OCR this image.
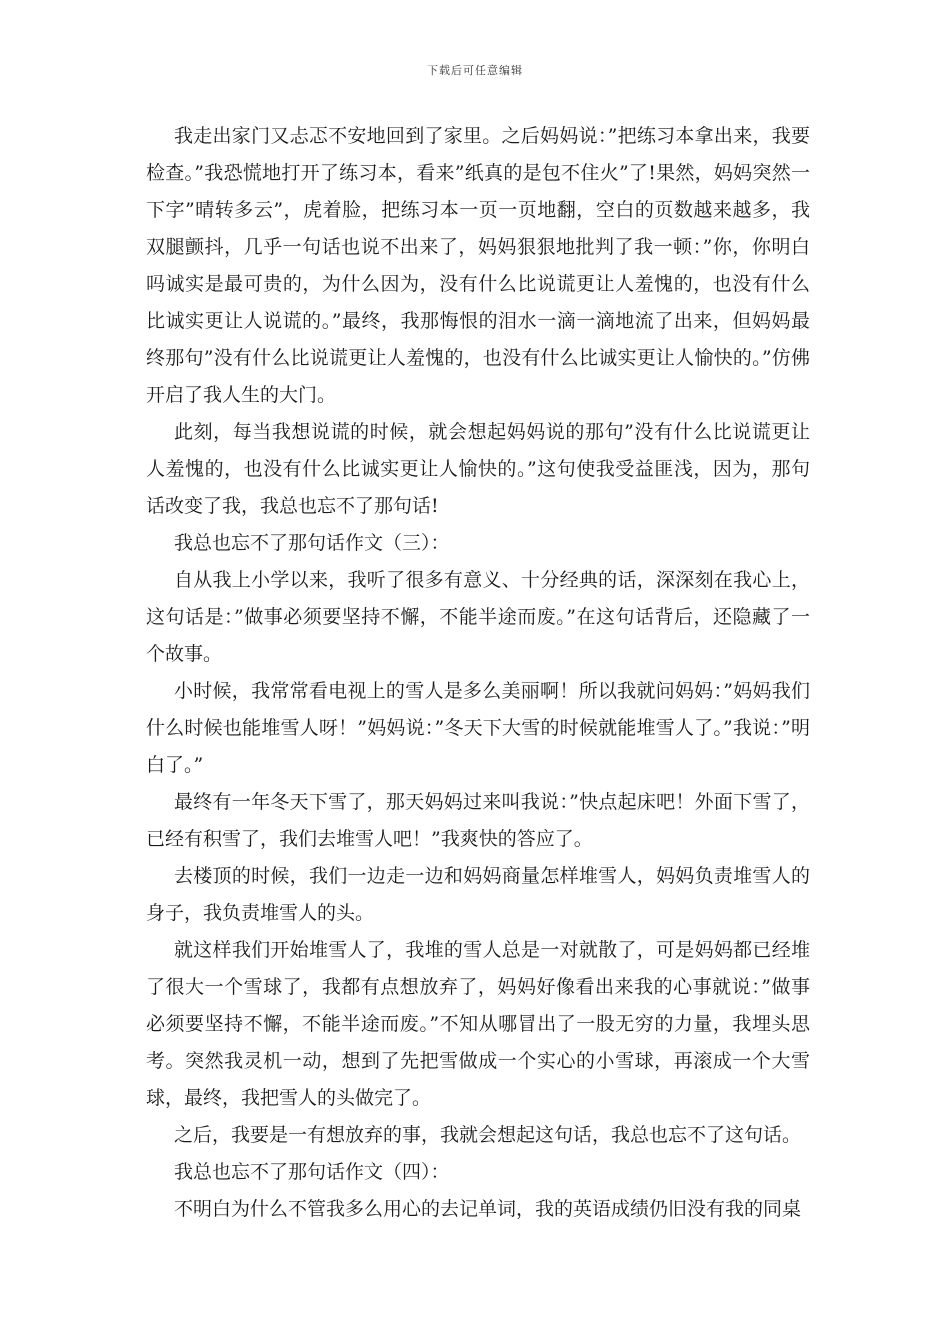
下载后可任意编辑

我走出家门又忐忑不安地回到了家里。之后妈妈说：”把练习本拿出来，我要检查。”我恐慌地打开了练习本，看来”纸真的是包不住火”了!果然，妈妈突然一下字”晴转多云”，虎着脸，把练习本一页一页地翻，空白的页数越来越多，我双腿颤抖，几乎一句话也说不出来了，妈妈狠狠地批判了我一顿：”你，你明白吗诚实是最可贵的，为什么因为，没有什么比说谎更让人羞愧的，也没有什么比诚实更让人说谎的。”最终，我那悔恨的泪水一滴一滴地流了出来，但妈妈最终那句”没有什么比说谎更让人羞愧的，也没有什么比诚实更让人愉快的。”仿佛开启了我人生的大门。

此刻，每当我想说谎的时候，就会想起妈妈说的那句”没有什么比说谎更让人羞愧的，也没有什么比诚实更让人愉快的。”这句使我受益匪浅，因为，那句话改变了我，我总也忘不了那句话!

我总也忘不了那句话作文（三）：

自从我上小学以来，我听了很多有意义、十分经典的话，深深刻在我心上，这句话是：”做事必须要坚持不懈，不能半途而废。”在这句话背后，还隐藏了一个故事。

小时候，我常常看电视上的雪人是多么美丽啊！所以我就问妈妈：”妈妈我们什么时候也能堆雪人呀！”妈妈说：”冬天下大雪的时候就能堆雪人了。”我说：”明白了。”

最终有一年冬天下雪了，那天妈妈过来叫我说：”快点起床吧！外面下雪了，已经有积雪了，我们去堆雪人吧！”我爽快的答应了。

去楼顶的时候，我们一边走一边和妈妈商量怎样堆雪人，妈妈负责堆雪人的身子，我负责堆雪人的头。

就这样我们开始堆雪人了，我堆的雪人总是一对就散了，可是妈妈都已经堆了很大一个雪球了，我都有点想放弃了，妈妈好像看出来我的心事就说：”做事必须要坚持不懈，不能半途而废。”不知从哪冒出了一股无穷的力量，我埋头思考。突然我灵机一动，想到了先把雪做成一个实心的小雪球，再滚成一个大雪球，最终，我把雪人的头做完了。

之后，我要是一有想放弃的事，我就会想起这句话，我总也忘不了这句话。

我总也忘不了那句话作文（四）：

不明白为什么不管我多么用心的去记单词，我的英语成绩仍旧没有我的同桌
